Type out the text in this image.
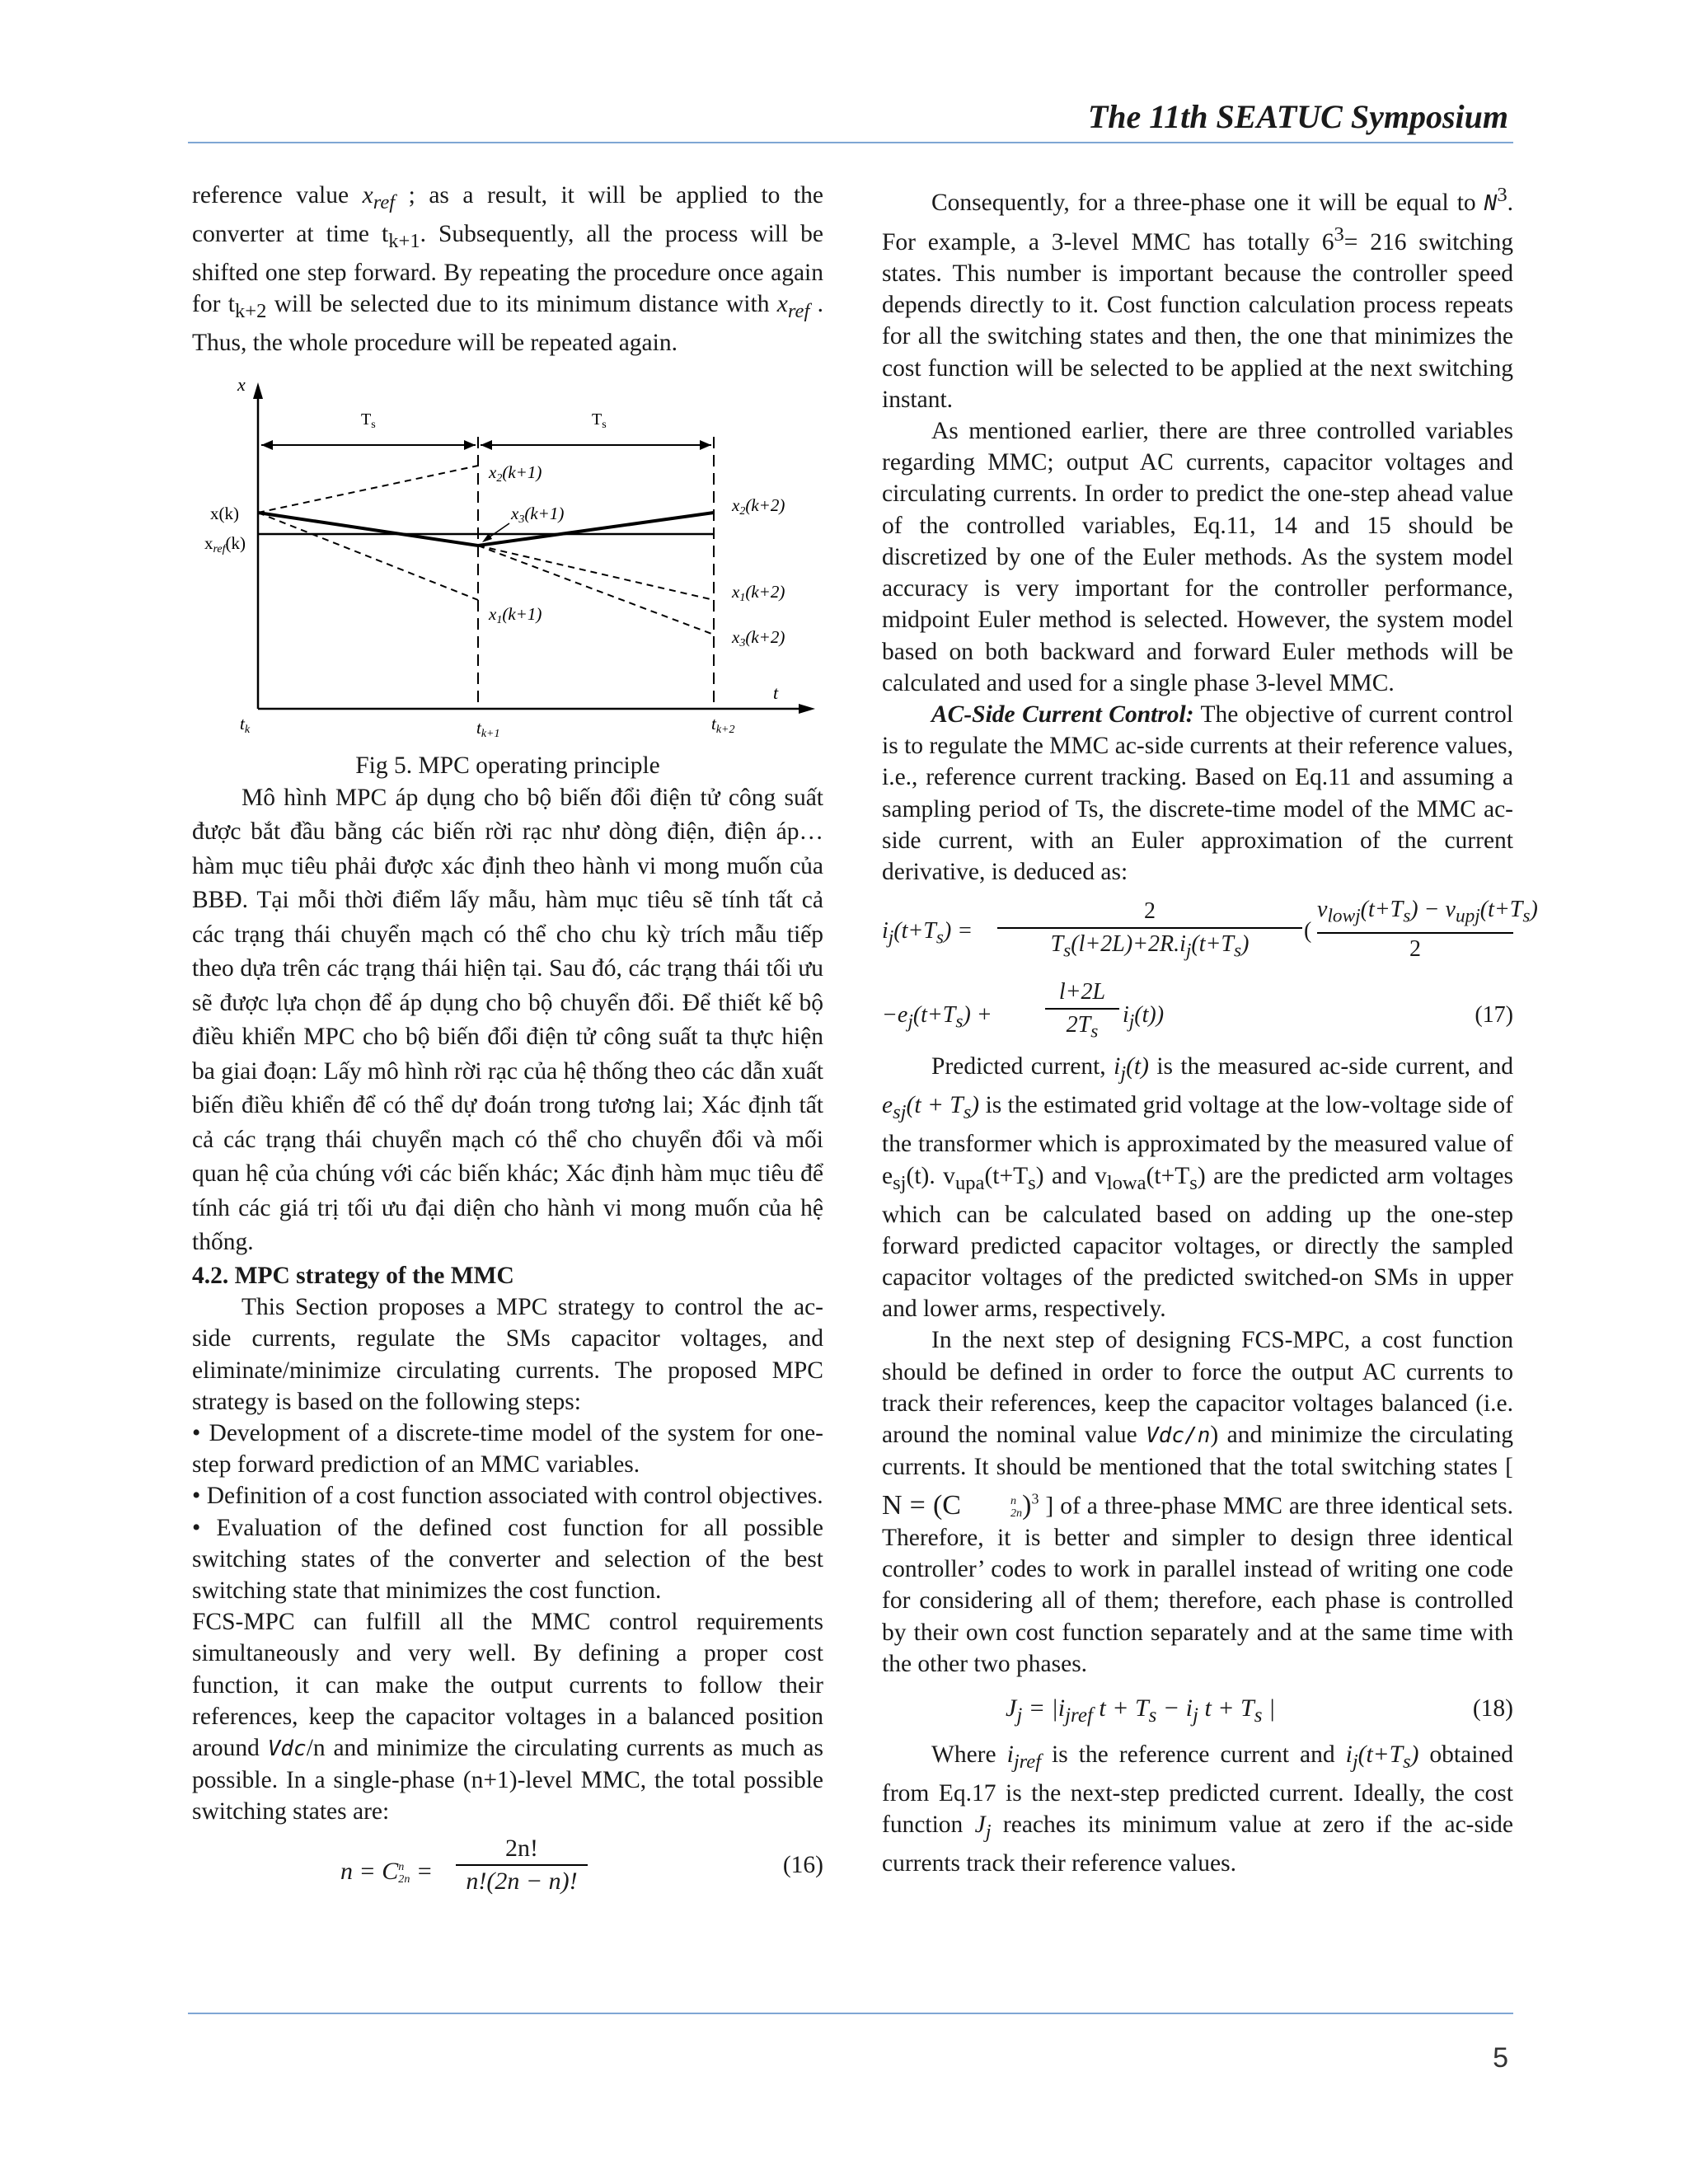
The 11th SEATUC Symposium

reference value $x_{ref}$ ; as a result, it will be applied to the converter at time $t_{k+1}$. Subsequently, all the process will be shifted one step forward. By repeating the procedure once again for $t_{k+2}$ will be selected due to its minimum distance with $x_{ref}$ . Thus, the whole procedure will be repeated again.

x
t
$T_s$	$T_s$
x(k)
xref(k)
x2(k+1)
x3(k+1)
x1(k+1)
x2(k+2)
x1(k+2)
x3(k+2)
tk	tk+1
tk+2

Fig 5. MPC operating principle

Mô hình MPC áp dụng cho bộ biến đổi điện tử công suất được bắt đầu bằng các biến rời rạc như dòng điện, điện áp… hàm mục tiêu phải được xác định theo hành vi mong muốn của BBĐ. Tại mỗi thời điểm lấy mẫu, hàm mục tiêu sẽ tính tất cả các trạng thái chuyển mạch có thể cho chu kỳ trích mẫu tiếp theo dựa trên các trạng thái hiện tại. Sau đó, các trạng thái tối ưu sẽ được lựa chọn để áp dụng cho bộ chuyển đổi. Để thiết kế bộ điều khiển MPC cho bộ biến đổi điện tử công suất ta thực hiện ba giai đoạn: Lấy mô hình rời rạc của hệ thống theo các dẫn xuất biến điều khiển để có thể dự đoán trong tương lai; Xác định tất cả các trạng thái chuyển mạch có thể cho chuyển đổi và mối quan hệ của chúng với các biến khác; Xác định hàm mục tiêu để tính các giá trị tối ưu đại diện cho hành vi mong muốn của hệ thống.

4.2. MPC strategy of the MMC

This Section proposes a MPC strategy to control the ac-side currents, regulate the SMs capacitor voltages, and eliminate/minimize circulating currents. The proposed MPC strategy is based on the following steps:

• Development of a discrete-time model of the system for one-step forward prediction of an MMC variables.

• Definition of a cost function associated with control objectives.

• Evaluation of the defined cost function for all possible switching states of the converter and selection of the best switching state that minimizes the cost function.

FCS-MPC can fulfill all the MMC control requirements simultaneously and very well. By defining a proper cost function, it can make the output currents to follow their references, keep the capacitor voltages in a balanced position around Vdc/n and minimize the circulating currents as much as possible. In a single-phase (n+1)-level MMC, the total possible switching states are:

n = C n
2n =
2n!
n!(2n − n)!
(16)

Consequently, for a three-phase one it will be equal to $N^3$. For example, a 3-level MMC has totally $6^3= 216$ switching states. This number is important because the controller speed depends directly to it. Cost function calculation process repeats for all the switching states and then, the one that minimizes the cost function will be selected to be applied at the next switching instant.

As mentioned earlier, there are three controlled variables regarding MMC; output AC currents, capacitor voltages and circulating currents. In order to predict the one-step ahead value of the controlled variables, Eq.11, 14 and 15 should be discretized by one of the Euler methods. As the system model accuracy is very important for the controller performance, midpoint Euler method is selected. However, the system model based on both backward and forward Euler methods will be calculated and used for a single phase 3-level MMC.

AC-Side Current Control: The objective of current control is to regulate the MMC ac-side currents at their reference values, i.e., reference current tracking. Based on Eq.11 and assuming a sampling period of Ts, the discrete-time model of the MMC ac-side current, with an Euler approximation of the current derivative, is deduced as:

$i_j(t+T_s)$ =
2
$T_s(l+2L)+2R.i_j(t+T_s)$
(
$v_{lowj}(t+T_s) - v_{upj}(t+T_s)$
2
$-e_j(t+T_s)$ +
l+2L
$2T_s$
$i_j(t)$)	(17)

Predicted current, $i_j(t)$ is the measured ac-side current, and $e_{sj}(t + T_s)$ is the estimated grid voltage at the low-voltage side of the transformer which is approximated by the measured value of $e_{sj}(t)$. $v_{upa}(t+T_s)$ and $v_{lowa}(t+T_s)$ are the predicted arm voltages which can be calculated based on adding up the one-step forward predicted capacitor voltages, or directly the sampled capacitor voltages of the predicted switched-on SMs in upper and lower arms, respectively.

In the next step of designing FCS-MPC, a cost function should be defined in order to force the output AC currents to track their references, keep the capacitor voltages balanced (i.e. around the nominal value Vdc/n) and minimize the circulating currents. It should be mentioned that the total switching states [ N = (C	n
2n )$^3$ ] of a three-phase MMC are three identical sets. Therefore, it is better and simpler to design three identical controller’ codes to work in parallel instead of writing one code for considering all of them; therefore, each phase is controlled by their own cost function separately and at the same time with the other two phases.

$J_j = |i_{jref}$ $t + T_s - i_j$ $t + T_s$ |	(18)

Where $i_{jref}$ is the reference current and $i_j(t+T_s)$ obtained from Eq.17 is the next-step predicted current. Ideally, the cost function $J_j$ reaches its minimum value at zero if the ac-side currents track their reference values.

5
